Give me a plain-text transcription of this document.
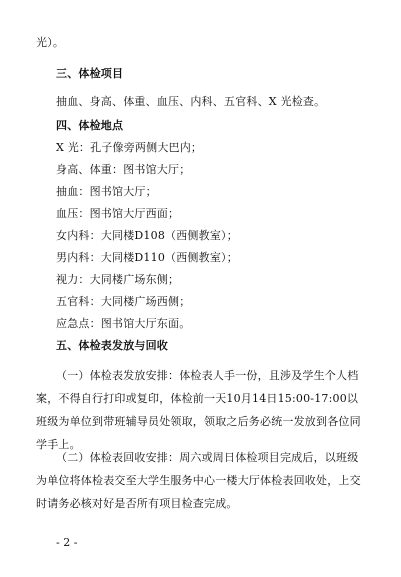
光）。
三、体检项目
抽血、身高、体重、血压、内科、五官科、X 光检查。
四、体检地点
X 光：孔子像旁两侧大巴内；
身高、体重：图书馆大厅；
抽血：图书馆大厅；
血压：图书馆大厅西面；
女内科：大同楼D108（西侧教室）；
男内科：大同楼D110（西侧教室）；
视力：大同楼广场东侧；
五官科：大同楼广场西侧；
应急点：图书馆大厅东面。
五、体检表发放与回收
（一）体检表发放安排：体检表人手一份，且涉及学生个人档案，不得自行打印或复印，体检前一天10月14日15:00-17:00以班级为单位到带班辅导员处领取，领取之后务必统一发放到各位同学手上。
（二）体检表回收安排：周六或周日体检项目完成后，以班级为单位将体检表交至大学生服务中心一楼大厅体检表回收处，上交时请务必核对好是否所有项目检查完成。
- 2 -
